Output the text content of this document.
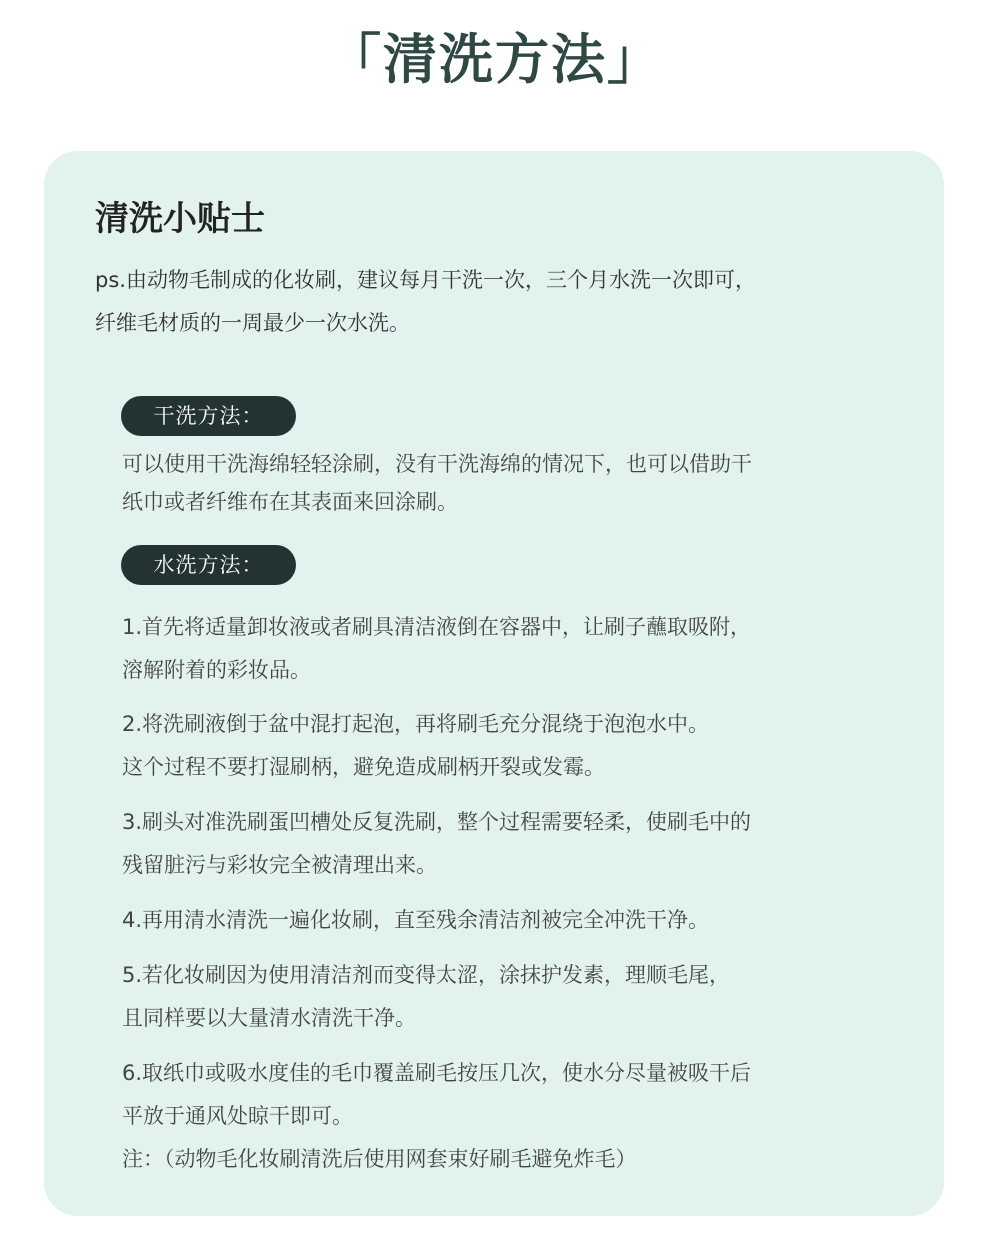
「清洗方法」
清洗小贴士

ps.由动物毛制成的化妆刷，建议每月干洗一次，三个月水洗一次即可，

纤维毛材质的一周最少一次水洗。

干洗方法：

可以使用干洗海绵轻轻涂刷，没有干洗海绵的情况下，也可以借助干

纸巾或者纤维布在其表面来回涂刷。

水洗方法：

1.首先将适量卸妆液或者刷具清洁液倒在容器中，让刷子蘸取吸附，

溶解附着的彩妆品。

2.将洗刷液倒于盆中混打起泡，再将刷毛充分混绕于泡泡水中。

这个过程不要打湿刷柄，避免造成刷柄开裂或发霉。

3.刷头对准洗刷蛋凹槽处反复洗刷，整个过程需要轻柔，使刷毛中的

残留脏污与彩妆完全被清理出来。

4.再用清水清洗一遍化妆刷，直至残余清洁剂被完全冲洗干净。

5.若化妆刷因为使用清洁剂而变得太涩，涂抹护发素，理顺毛尾，

且同样要以大量清水清洗干净。

6.取纸巾或吸水度佳的毛巾覆盖刷毛按压几次，使水分尽量被吸干后

平放于通风处晾干即可。

注：（动物毛化妆刷清洗后使用网套束好刷毛避免炸毛）
